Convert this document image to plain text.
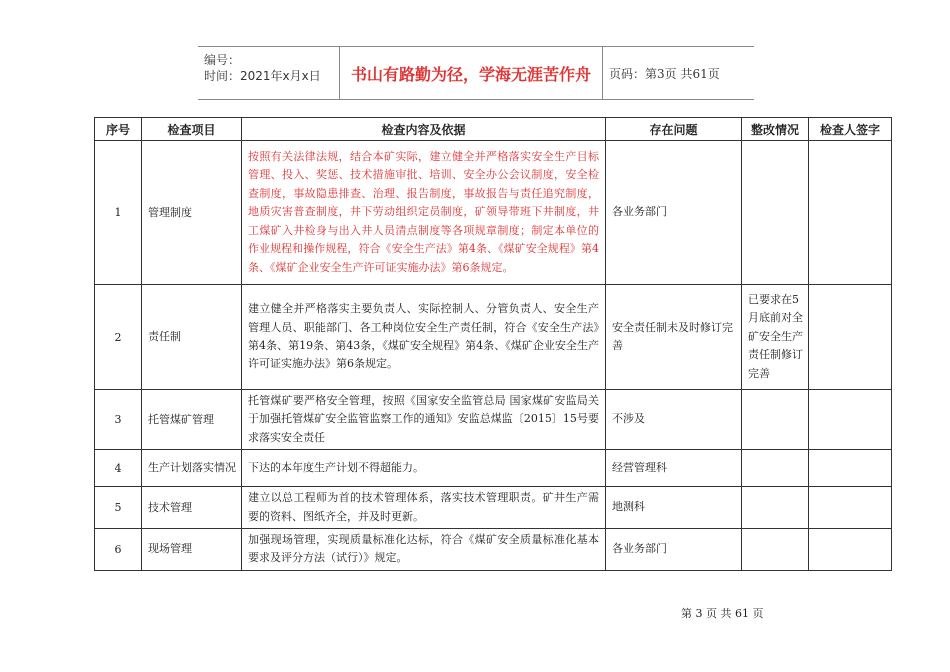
编号：
时间：2021年x月x日	书山有路勤为径，学海无涯苦作舟	页码：第3页 共61页
序号	检查项目	检查内容及依据	存在问题	整改情况	检查人签字
1	管理制度	按照有关法律法规，结合本矿实际，建立健全并严格落实安全生产目标管理、投入、奖惩、技术措施审批、培训、安全办公会议制度，安全检查制度，事故隐患排查、治理、报告制度，事故报告与责任追究制度，地质灾害普查制度，井下劳动组织定员制度，矿领导带班下井制度，井工煤矿入井检身与出入井人员清点制度等各项规章制度；制定本单位的作业规程和操作规程，符合《安全生产法》第4条、《煤矿安全规程》第4条、《煤矿企业安全生产许可证实施办法》第6条规定。	各业务部门		
2	责任制	建立健全并严格落实主要负责人、实际控制人、分管负责人、安全生产管理人员、职能部门、各工种岗位安全生产责任制，符合《安全生产法》第4条、第19条、第43条，《煤矿安全规程》第4条、《煤矿企业安全生产许可证实施办法》第6条规定。	安全责任制未及时修订完善	已要求在5月底前对全矿安全生产责任制修订完善	
3	托管煤矿管理	托管煤矿要严格安全管理，按照《国家安全监管总局 国家煤矿安监局关于加强托管煤矿安全监管监察工作的通知》安监总煤监〔2015〕15号要求落实安全责任	不涉及		
4	生产计划落实情况	下达的本年度生产计划不得超能力。	经营管理科		
5	技术管理	建立以总工程师为首的技术管理体系，落实技术管理职责。矿井生产需要的资料、图纸齐全，并及时更新。	地测科		
6	现场管理	加强现场管理，实现质量标准化达标，符合《煤矿安全质量标准化基本要求及评分方法（试行）》规定。	各业务部门		
第 3 页 共 61 页
